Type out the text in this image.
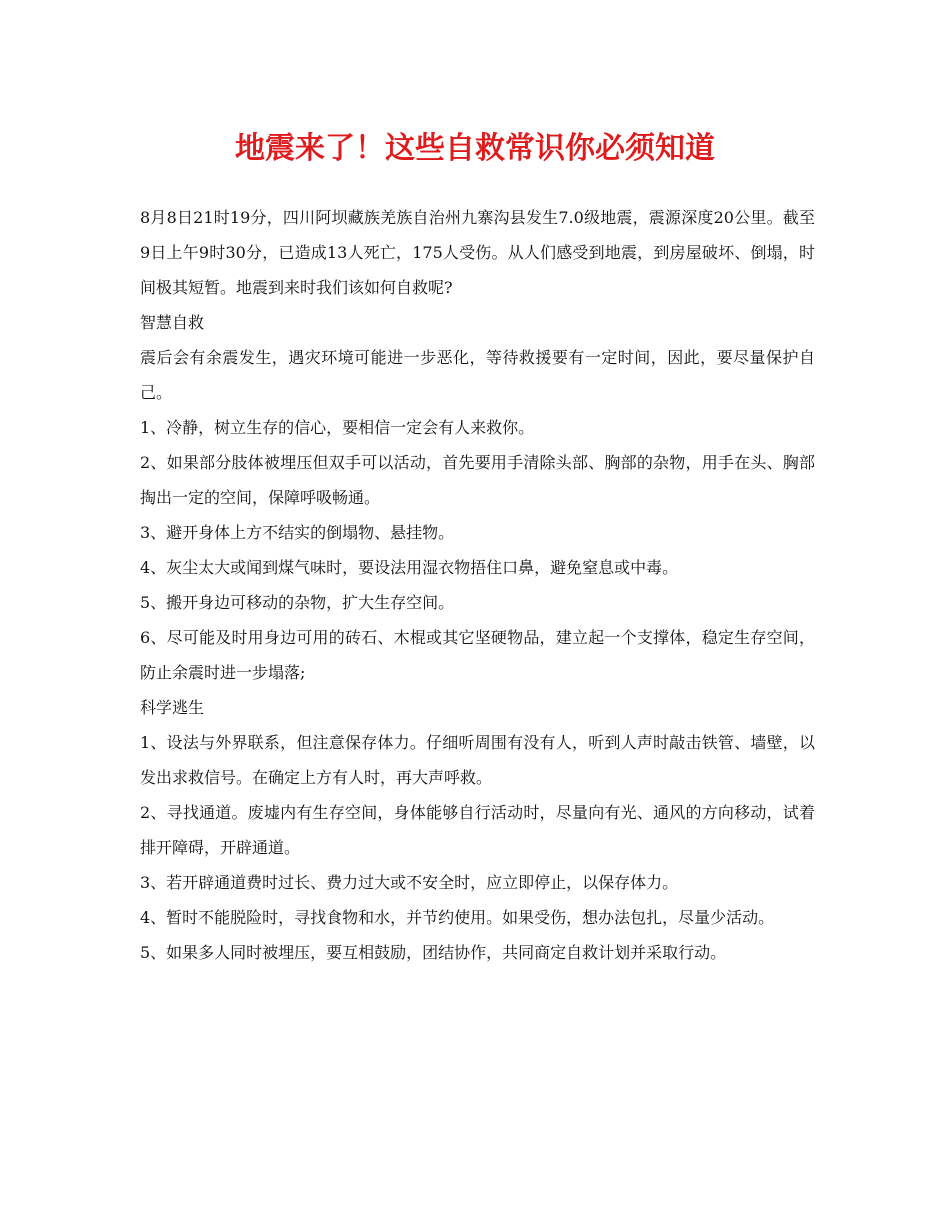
地震来了！这些自救常识你必须知道

8月8日21时19分，四川阿坝藏族羌族自治州九寨沟县发生7.0级地震，震源深度20公里。截至9日上午9时30分，已造成13人死亡，175人受伤。从人们感受到地震，到房屋破坏、倒塌，时间极其短暂。地震到来时我们该如何自救呢?

智慧自救

震后会有余震发生，遇灾环境可能进一步恶化，等待救援要有一定时间，因此，要尽量保护自己。

1、冷静，树立生存的信心，要相信一定会有人来救你。

2、如果部分肢体被埋压但双手可以活动，首先要用手清除头部、胸部的杂物，用手在头、胸部掏出一定的空间，保障呼吸畅通。

3、避开身体上方不结实的倒塌物、悬挂物。

4、灰尘太大或闻到煤气味时，要设法用湿衣物捂住口鼻，避免窒息或中毒。

5、搬开身边可移动的杂物，扩大生存空间。

6、尽可能及时用身边可用的砖石、木棍或其它坚硬物品，建立起一个支撑体，稳定生存空间，防止余震时进一步塌落;

科学逃生

1、设法与外界联系，但注意保存体力。仔细听周围有没有人，听到人声时敲击铁管、墙壁，以发出求救信号。在确定上方有人时，再大声呼救。

2、寻找通道。废墟内有生存空间，身体能够自行活动时，尽量向有光、通风的方向移动，试着排开障碍，开辟通道。

3、若开辟通道费时过长、费力过大或不安全时，应立即停止，以保存体力。

4、暂时不能脱险时，寻找食物和水，并节约使用。如果受伤，想办法包扎，尽量少活动。

5、如果多人同时被埋压，要互相鼓励，团结协作，共同商定自救计划并采取行动。
